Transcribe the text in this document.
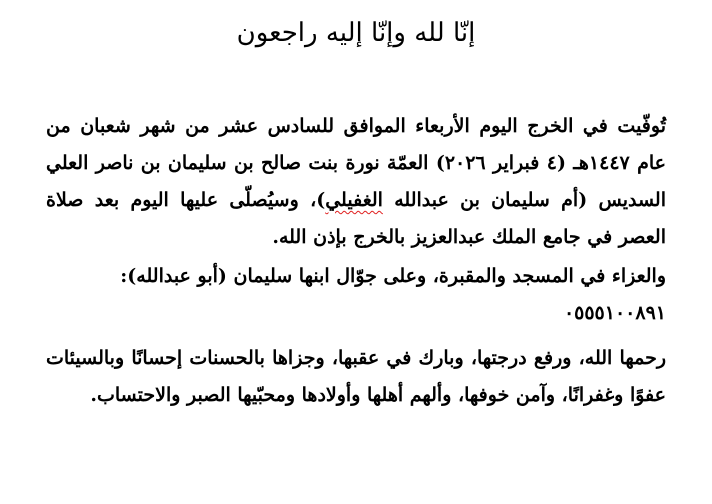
إنّا لله وإنّا إليه راجعون

تُوفّيت في الخرج اليوم الأربعاء الموافق للسادس عشر من شهر شعبان من عام ١٤٤٧هـ (٤ فبراير ٢٠٢٦) العمّة نورة بنت صالح بن سليمان بن ناصر العلي السديس (أم سليمان بن عبدالله الغفيلي)، وسيُصلّى عليها اليوم بعد صلاة العصر في جامع الملك عبدالعزيز بالخرج بإذن الله.

والعزاء في المسجد والمقبرة، وعلى جوّال ابنها سليمان (أبو عبدالله):
٠٥٥٥١٠٠٨٩١

رحمها الله، ورفع درجتها، وبارك في عقبها، وجزاها بالحسنات إحسانًا وبالسيئات عفوًا وغفرانًا، وآمن خوفها، وألهم أهلها وأولادها ومحبّيها الصبر والاحتساب.
